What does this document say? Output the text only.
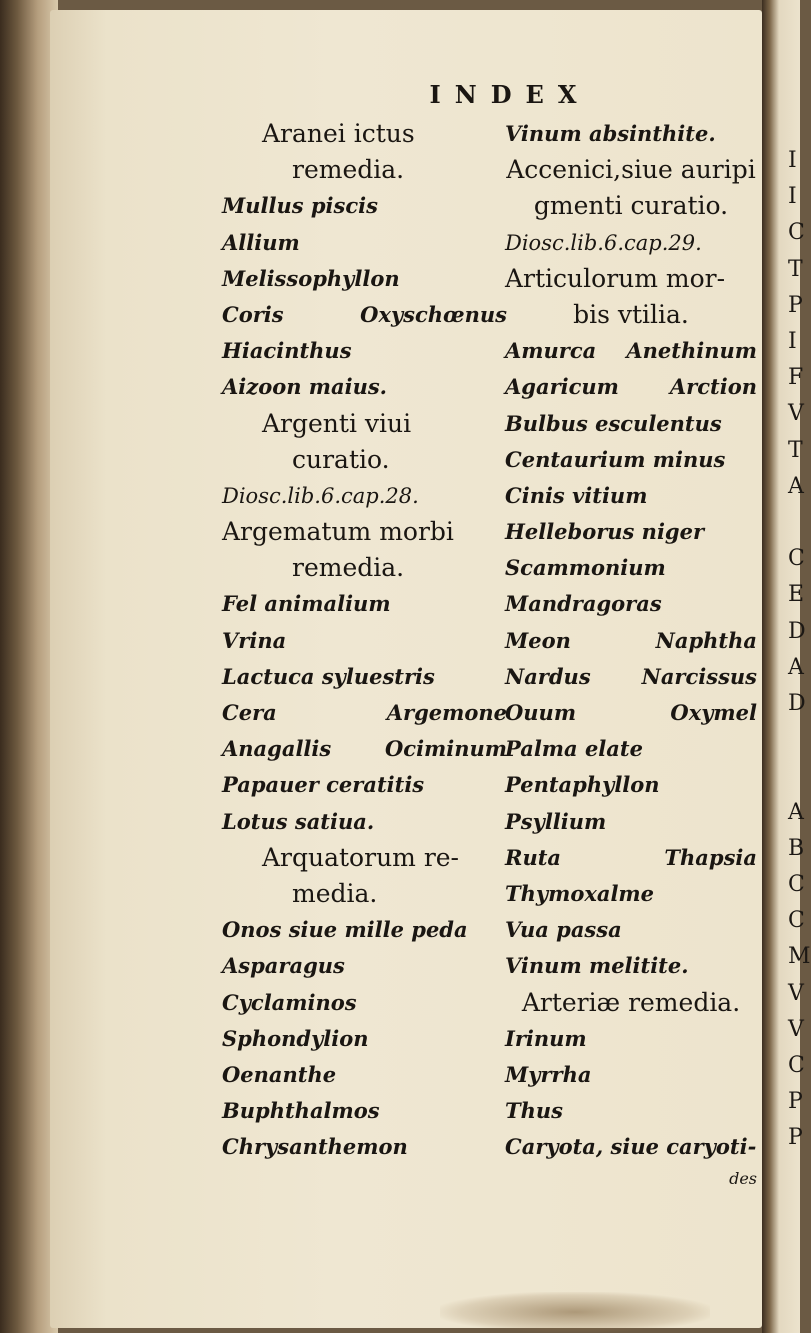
I
I
C
T
P
I
F
V
T
A
C
E
D
A
D
A
B
C
C
M
V
V
C
P
P
INDEX
Aranei ictus
remedia.
Mullus piscis
Allium
Melissophyllon
Coris	Oxyschœnus
Hiacinthus
Aizoon maius.
Argenti viui
curatio.
Diosc.lib.6.cap.28.
Argematum morbi
remedia.
Fel animalium
Vrina
Lactuca syluestris
Cera	Argemone
Anagallis	Ociminum
Papauer ceratitis
Lotus satiua.
Arquatorum re-
media.
Onos siue mille peda
Asparagus
Cyclaminos
Sphondylion
Oenanthe
Buphthalmos
Chrysanthemon
Vinum absinthite.
Accenici,siue auripi
gmenti curatio.
Diosc.lib.6.cap.29.
Articulorum mor-
bis vtilia.
Amurca Anethinum
Agaricum Arction
Bulbus esculentus
Centaurium minus
Cinis vitium
Helleborus niger
Scammonium
Mandragoras
Meon	Naphtha
Nardus Narcissus
Ouum	Oxymel
Palma elate
Pentaphyllon
Psyllium
Ruta	Thapsia
Thymoxalme
Vua passa
Vinum melitite.
Arteriæ remedia.
Irinum
Myrrha
Thus
Caryota, siue caryoti-
des
